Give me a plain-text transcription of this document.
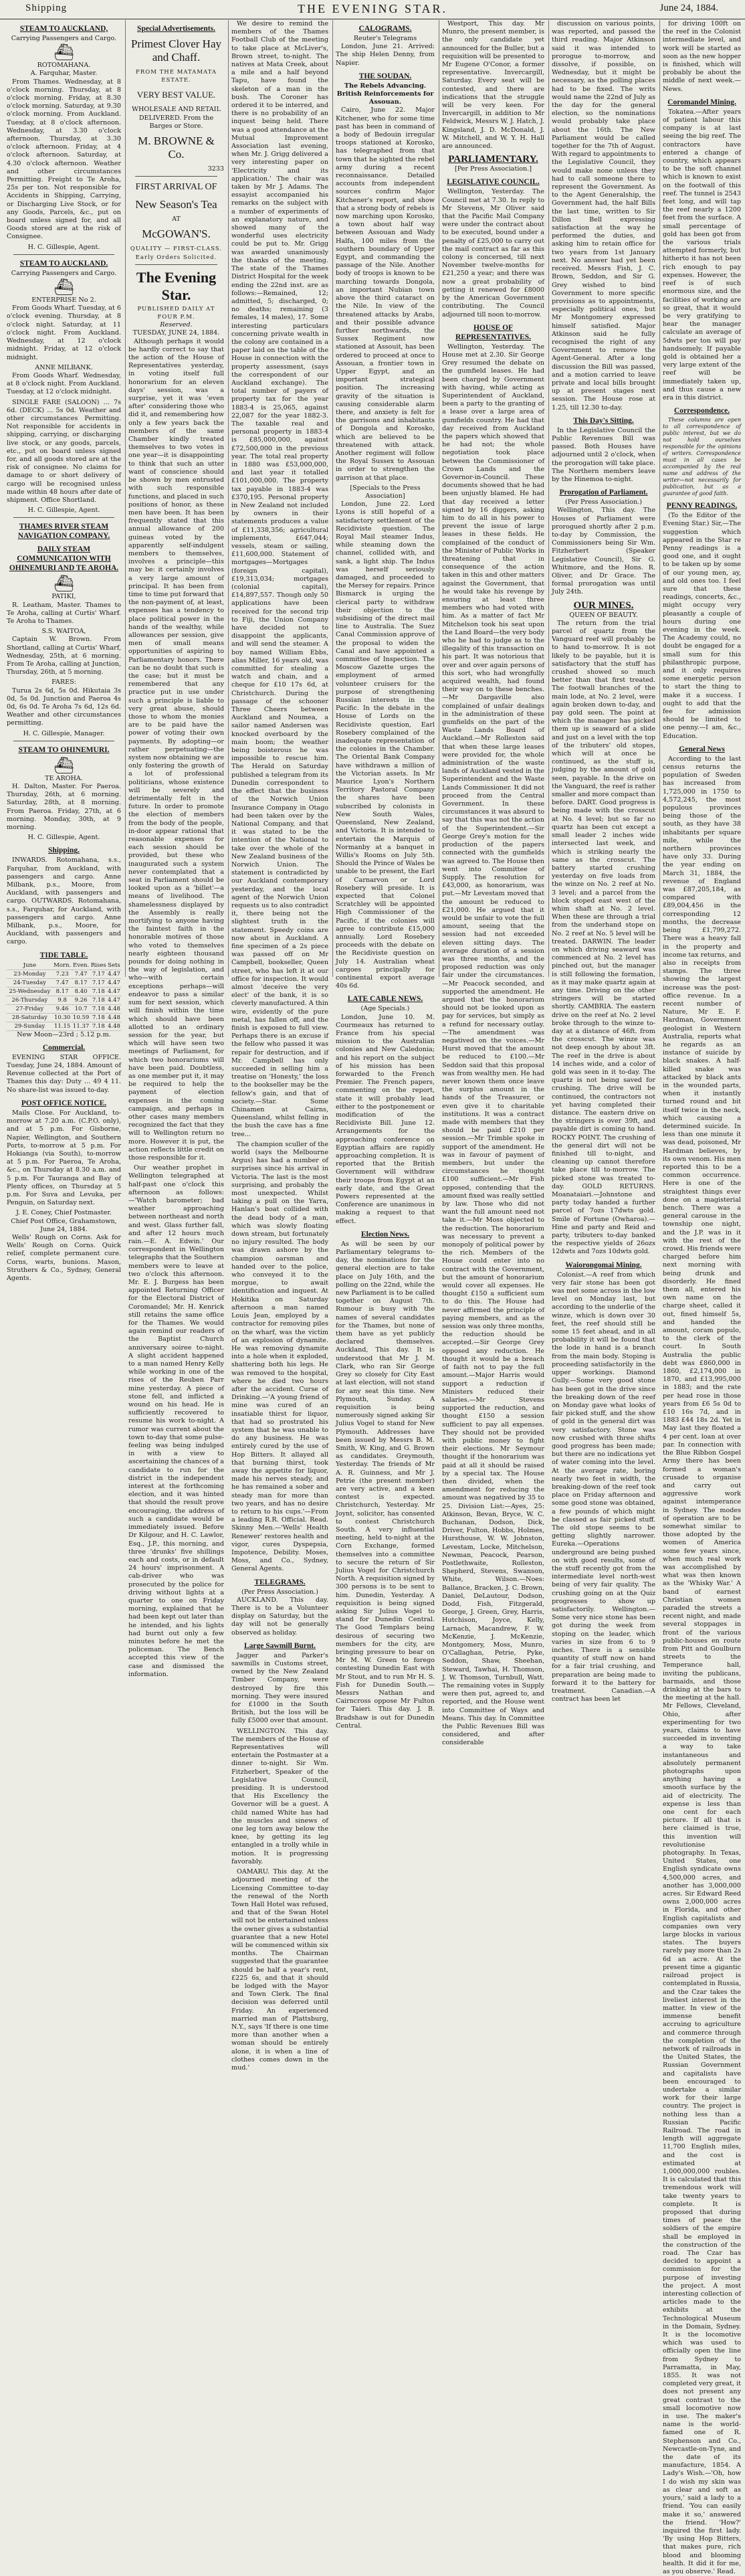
Shipping	THE EVENING STAR.	June 24, 1884.
STEAM TO AUCKLAND,
Carrying Passengers and Cargo.
⛴
ROTOMAHANA.
A. Farquhar, Master.

From Thames. Wednesday, at 8 o'clock morning. Thursday, at 8 o'clock morning. Friday, at 8.30 o'clock morning. Saturday, at 9.30 o'clock morning. From Auckland. Tuesday, at 8 o'clock afternoon. Wednesday, at 3.30 o'clock afternoon. Thursday, at 3.30 o'clock afternoon. Friday, at 4 o'clock afternoon. Saturday, at 4.30 o'clock afternoon. Weather and other circumstances Permitting. Freight to Te Aroha, 25s per ton. Not responsible for Accidents in Shipping, Carrying, or Discharging Live Stock, or for any Goods, Parcels, &c., put on board unless signed for, and all Goods stored are at the risk of Consignee.

H. C. Gillespie, Agent.
STEAM TO AUCKLAND.
Carrying Passengers and Cargo.
⛴
ENTERPRISE No 2.

From Goods Wharf. Tuesday, at 6 o'clock evening. Thursday, at 8 o'clock night. Saturday, at 11 o'clock night. From Auckland. Wednesday, at 12 o'clock midnight. Friday, at 12 o'clock midnight.

ANNE MILBANK.

From Goods Wharf. Wednesday, at 8 o'clock night. From Auckland. Tuesday, at 12 o'clock midnight.

SINGLE FARE (SALOON) ... 7s 6d. (DECK) ... 5s 0d. Weather and other circumstances Permitting. Not responsible for accidents in shipping, carrying, or discharging live stock, or any goods, parcels, etc., put on board unless signed for, and all goods stored are at the risk of consignee. No claims for damage to or short delivery of cargo will be recognised unless made within 48 hours after date of shipment. Office Shortland.

H. C. Gillespie, Agent.
THAMES RIVER STEAM NAVIGATION COMPANY.
DAILY STEAM COMMUNICATION WITH OHINEMURI AND TE AROHA.
⛴
PATIKI,

R. Leatham, Master. Thames to Te Aroha, calling at Curtis' Wharf. Te Aroha to Thames.

S.S. WAITOA,

Captain W. Brown. From Shortland, calling at Curtis' Wharf, Wednesday, 25th, at 6 morning. From Te Aroha, calling at Junction, Thursday, 26th, at 5 morning.

FARES:

Turua 2s 6d, 5s 0d. Hikutaia 3s 0d, 5s 0d. Junction and Paeroa 4s 0d, 6s 0d. Te Aroha 7s 6d, 12s 6d. Weather and other circumstances permitting.

H. C. Gillespie, Manager.
STEAM TO OHINEMURI.
⛴
TE AROHA.

H. Dalton, Master. For Paeroa. Thursday, 26th, at 6 morning. Saturday, 28th, at 8 morning. From Paeroa. Friday, 27th, at 6 morning. Monday, 30th, at 9 morning.

H. C. Gillespie, Agent.
Shipping.

INWARDS. Rotomahana, s.s., Farquhar, from Auckland, with passengers and cargo. Anne Milbank, p.s., Moore, from Auckland, with passengers and cargo. OUTWARDS. Rotomahana, s.s., Farquhar, for Auckland, with passengers and cargo. Anne Milbank, p.s., Moore, for Auckland, with passengers and cargo.

TIDE TABLE.
June	Morn.	Even.	Rises	Sets
23-Monday	7.23	7.47	7.17	4.47
24-Tuesday	7.47	8.17	7.17	4.47
25-Wednesday	8.17	8.40	7.18	4.47
26-Thursday	9.8	9.26	7.18	4.47
27-Friday	9.46	10.7	7.18	4.48
28-Saturday	10.30	10.59	7.18	4.48
29-Sunday	11.15	11.37	7.18	4.48
New Moon—23rd ; 5.12 p.m.
Commercial.

EVENING STAR OFFICE. Tuesday, June 24, 1884. Amount of Revenue collected at the Port of Thames this day: Duty ... 49 4 11. No share-list was issued to-day.

POST OFFICE NOTICE.

Mails Close. For Auckland, to-morrow at 7.20 a.m. (C.P.O. only), and at 5 p.m. For Gisborne, Napier, Wellington, and Southern Ports, to-morrow at 5 p.m. For Hokianga (via South), to-morrow at 5 p.m. For Paeroa, Te Aroha, &c., on Thursday at 8.30 a.m. and 5 p.m. For Tauranga and Bay of Plenty offices, on Thursday at 5 p.m. For Suva and Levuka, per Penguin, on Saturday next.

J. E. Coney, Chief Postmaster.
Chief Post Office, Grahamstown, June 24, 1884.

Wells' Rough on Corns. Ask for Wells' Rough on Corns. Quick relief, complete permanent cure. Corns, warts, bunions. Mason, Struthers & Co., Sydney, General Agents.

Special Advertisements.
Primest Clover Hay and Chaff.
FROM THE MATAMATA ESTATE.
VERY BEST VALUE.
WHOLESALE AND RETAIL DELIVERED. From the Barges or Store.
M. BROWNE & Co.
3233
FIRST ARRIVAL OF
New Season's Tea
AT
McGOWAN'S.
QUALITY — FIRST-CLASS. Early Orders Solicited.
The Evening Star.
PUBLISHED DAILY AT FOUR P.M.
Reserved.
TUESDAY, JUNE 24, 1884.

Although perhaps it would be hardly correct to say that the action of the House of Representatives yesterday, in voting itself full honorarium for an eleven days' session, was a surprise, yet it was 'even after' considering those who did it, and remembering how only a few years back the members of the same Chamber kindly treated themselves to two votes in one year—it is disappointing to think that such an utter want of conscience should be shown by men entrusted with such responsible functions, and placed in such positions of honor, as these men have been. It has been frequently stated that this annual allowance of 200 guineas voted by the apparently self-indulgent members to themselves, involves a principle—this may be: it certainly involves a very large amount of principal. It has been from time to time put forward that the non-payment of, at least, expenses has a tendency to place political power in the hands of the wealthy, while allowances per session, give men of small means opportunities of aspiring to Parliamentary honors. There can be no doubt that such is the case; but it must be remembered that any practice put in use under such a principle is liable to very great abuse, should those to whom the monies are to be paid have the power of voting their own payments. By adopting—or rather perpetuating—the system now obtaining we are only fostering the growth of a lot of professional politicians, whose existence will be severely and detrimentally felt in the future. In order to promote the election of members from the body of the people, in-door appear rational that reasonable expenses for each session should be provided, but these who inaugurated such a system never contemplated that a seat in Parliament should be looked upon as a 'billet'—a means of livelihood. The shamelessness displayed by the Assembly is really mortifying to anyone having the faintest faith in the honorable motives of those who voted to themselves nearly eighteen thousand pounds for doing nothing in the way of legislation, and who—with certain exceptions perhaps—will endeavor to pass a similar sum for next session, which will finish within the time which should have been allotted to an ordinary session for the year, but which will have seen two meetings of Parliament, for which two honorariums will have been paid. Doubtless, as one member put it, it may be required to help the payment of election expenses in the coming campaign, and perhaps in other cases many members recognized the fact that they will to Wellington return no more. However it is put, the action reflects little credit on those responsible for it.

Our weather prophet in Wellington telegraphed at half-past one o'clock this afternoon as follows:—'Watch barometer; bad weather approaching between northeast and north and west. Glass further fall, and after 12 hours much rain.—E. A. Edwin.' Our correspondent in Wellington telegraphs that the Southern members were to leave at two o'clock this afternoon. Mr. E. J. Burgess has been appointed Returning Officer for the Electoral District of Coromandel; Mr. H. Kenrick still retains the same office for the Thames. We would again remind our readers of the Baptist Church anniversary soiree to-night. A slight accident happened to a man named Henry Kelly while working in one of the rises of the Reuben Parr mine yesterday. A piece of stone fell, and inflicted a wound on his head. He is sufficiently recovered to resume his work to-night. A rumor was current about the town to-day that some pulse-feeling was being indulged in with a view to ascertaining the chances of a candidate to run for the district in the independent interest at the forthcoming election, and it was hinted that should the result prove encouraging, the address of such a candidate would be immediately issued. Before Dr Kilgour, and H. C. Lawlor, Esq., J.P., this morning, and three 'drunks' five shillings each and costs, or in default 24 hours' imprisonment. A cab-driver who was prosecuted by the police for driving without lights at a quarter to one on Friday morning, explained that he had been kept out later than he intended, and his lights had burnt out only a few minutes before he met the policeman. The Bench accepted this view of the case and dismissed the information.

We desire to remind the members of the Thames Football Club of the meeting to take place at McLiver's, Brown street, to-night. The natives at Mata Creek, about a mile and a half beyond Tapu, have found the skeleton of a man in the bush. The Coroner has ordered it to be interred, and there is no probability of an inquest being held. There was a good attendance at the Mutual Improvement Association last evening, when Mr. J. Grigg delivered a very interesting paper on 'Electricity and its application.' The chair was taken by Mr J. Adams. The essayist accompanied his remarks on the subject with a number of experiments of an explanatory nature, and showed many of the wonderful uses electricity could be put to. Mr. Grigg was awarded unanimously the thanks of the meeting. The state of the Thames District Hospital for the week ending the 22nd inst. are as follows:—Remained, 12; admitted, 5; discharged, 0; no deaths; remaining (3 females, 14 males), 17. Some interesting particulars concerning private wealth in the colony are contained in a paper laid on the table of the House in connection with the property assessment, (says the correspondent of our Auckland exchange). The total number of payers of property tax for the year 1883-4 is 25,065, against 22,087 for the year 1882-3. The taxable real and personal property in 1883-4 is £85,000,000, against £72,500,000 in the previous year. The total real property in 1880 was £53,000,000, and last year it totalled £101,000,000. The property tax payable in 1883-4 was £370,195. Personal property in New Zealand not included by owners in their statements produces a value of £11,338,356; agricultural implements, £647,044; vessels, steam or sailing, £11,600,000. Statement of mortgages—Mortgages (foreign capital), £19,313,034; mortgages (colonial capital), £14,897,557. Though only 50 applications have been received for the second trip to Fiji, the Union Company have decided not to disappoint the applicants, and will send the steamer. A boy named William Ebbs, alias Miller, 16 years old, was committed for stealing a watch and chain, and a cheque for £10 17s 6d, at Christchurch. During the passage of the schooner Three Cheers between Auckland and Noumea, a sailor named Andersen was knocked overboard by the main boom; the weather being boisterous he was impossible to rescue him. The Herald on Saturday published a telegram from its Dunedin correspondent to the effect that the business of the Norwich Union Insurance Company in Otago had been taken over by the National Company, and that it was stated to be the intention of the National to take over the whole of the New Zealand business of the Norwich Union. The statement is contradicted by our Auckland contemporary yesterday, and the local agent of the Norwich Union requests us to also contradict it, there being not the slightest truth in the statement. Speedy coins are now about in Auckland. A fine specimen of a 2s piece was passed off on Mr Campbell, bookseller, Queen street, who has left it at our office for inspection. It would almost 'deceive the very elect' of the bank, it is so cleverly manufactured. A thin wire, evidently of the pure metal, has fallen off, and the finish is exposed to full view. Perhaps there is an excuse if the fellow who passed it was repair for destruction, and if Mr. Campbell has only succeeded in selling him a treatise on 'Honesty,' the loss to the bookseller may be the fellow's gain, and that of society.—Star. Some Chinamen at Cairns, Queensland, whilst felling in the bush the cave has a fine tree...

The champion sculler of the world (says the Melbourne Argus) has had a number of surprises since his arrival in Victoria. The last is the most surprising, and probably the most unexpected. Whilst taking a pull on the Yarra, Hanlan's boat collided with the dead body of a man, which was slowly floating down stream, but fortunately no injury resulted. The body was drawn ashore by the champion oarsman and handed over to the police, who conveyed it to the morgue, to await identification and inquest. At Hokitika on Saturday afternoon a man named Louis Jean, employed by a contractor for removing piles on the wharf, was the victim of an explosion of dynamite. He was removing dynamite into a hole when it exploded, shattering both his legs. He was removed to the hospital, where he died two hours after the accident. Curse of Drinking.—'A young friend of mine was cured of an insatiable thirst for liquor, that had so prostrated his system that he was unable to do any business. He was entirely cured by the use of Hop Bitters. It allayed all that burning thirst, took away the appetite for liquor, made his nerves steady, and he has remained a sober and steady man for more than two years, and has no desire to return to his cups.'—From a leading R.R. Official. Read. Skinny Men.—'Wells' Health Renewer' restores health and vigor, cures Dyspepsia, Impotence, Debility. Moses, Moss, and Co., Sydney, General Agents.

TELEGRAMS.
(Per Press Association.)

AUCKLAND. This day. There is to be a Volunteer display on Saturday, but the day will not be generally observed as holiday.

Large Sawmill Burnt.

Jagger and Parker's sawmills in Customs street, owned by the New Zealand Timber Company, were destroyed by fire this morning. They were insured for £1000 in the South British, but the loss will be fully £5000 over that amount.

WELLINGTON. This day. The members of the House of Representatives will entertain the Postmaster at a dinner to-night. Sir Wm. Fitzherbert, Speaker of the Legislative Council, presiding. It is understood that His Excellency the Governor will be a guest. A child named White has had the muscles and sinews of one leg torn away below the knee, by getting its leg entangled in a trolly while in motion. It is progressing favorably.

OAMARU. This day. At the adjourned meeting of the Licensing Committee to-day the renewal of the North Town Hall Hotel was refused, and that of the Swan Hotel will not be entertained unless the owner gives a substantial guarantee that a new Hotel will be commenced within six months. The Chairman suggested that the guarantee should be half a year's rent, £225 6s, and that it should be lodged with the Mayor and Town Clerk. The final decision was deferred until Friday. An experienced married man of Plattsburg, N.Y., says 'If there is one time more than another when a woman should be entirely alone, it is when a line of clothes comes down in the mud.'

CALOGRAMS.
Reuter's Telegrams

London, June 21. Arrived: The ship Helen Denny, from Napier.

THE SOUDAN.
The Rebels Advancing. British Reinforcements for Assouan.

Cairo, June 22. Major Kitchener, who for some time past has been in command of a body of Bedouin irregular troops stationed at Korosko, has telegraphed from that town that he sighted the rebel army during a recent reconnaissance. Detailed accounts from independent sources confirm Major Kitchener's report, and show that a strong body of rebels is now marching upon Korosko, a town about half way between Assouan and Wady Halfa, 100 miles from the southern boundary of Upper Egypt, and commanding the passage of the Nile. Another body of troops is known to be marching towards Dongola, an important Nubian town above the third cataract on the Nile. In view of the threatened attacks by Arabs, and their possible advance further northwards, the Sussex Regiment now stationed at Assouit, has been ordered to proceed at once to Assouan, a frontier town in Upper Egypt, and an important strategical position. The increasing gravity of the situation is causing considerable alarm there, and anxiety is felt for the garrisons and inhabitants of Dongola and Korosko, which are believed to be threatened with attack. Another regiment will follow the Royal Sussex to Assouan in order to strengthen the garrison at that place.

[Specials to the Press Association]

London, June 22. Lord Lyons is still hopeful of a satisfactory settlement of the Recidiviste question. The Royal Mail steamer Indus, while steaming down the channel, collided with, and sank, a light ship. The Indus was herself seriously damaged, and proceeded to the Mersey for repairs. Prince Bismarck is urging the clerical party to withdraw their objection to the subsidising of the direct mail line to Australia. The Suez Canal Commission approve of the proposal to widen the Canal and have appointed a committee of Inspection. The Moscow Gazette urges the employment of armed volunteer cruisers for the purpose of strengthening Russian interests in the Pacific. In the debate in the House of Lords on the Recidiviste question, Earl Rosebery complained of the inadequate representation of the colonies in the Chamber. The Oriental Bank Company have withdrawn a million of the Victorian assets. In Mr Maurice Lyon's Northern Territory Pastoral Company the shares have been subscribed by colonists in New South Wales, Queensland, New Zealand, and Victoria. It is intended to entertain the Marquis of Normanby at a banquet in Willis's Rooms on July 5th. Should the Prince of Wales be unable to be present, the Earl of Carnarvon or Lord Rosebery will preside. It is expected that Colonel Scratchley will be appointed High Commissioner of the Pacific, if the colonies will agree to contribute £15,000 annually. Lord Rosebery proceeds with the debate on the Recidiviste question on July 14. Australian wheat cargoes principally for continental export average 40s 6d.

LATE CABLE NEWS.
(Age Specials.)

London, June 10. M. Courmeaux has returned to France from his special mission to the Australian colonies and New Caledonia; and his report on the subject of his mission has been forwarded to the French Premier. The French papers, commenting on the report, state it will probably lead either to the postponement or modification of the Recidiviste Bill. June 12. Arrangements for the approaching conference on Egyptian affairs are rapidly approaching completion. It is reported that the British Government will withdraw their troops from Egypt at an early date, and the Great Powers represented at the Conference are unanimous in making a request to that effect.

Election News.

As will be seen by our Parliamentary telegrams to-day, the nominations for the general election are to take place on July 16th, and the polling on the 22nd, while the new Parliament is to be called together on August 7th. Rumour is busy with the names of several candidates for the Thames, but none of them have as yet publicly declared themselves. Auckland, This day. It is understood that Mr J. M. Clark, who ran Sir George Grey so closely for City East at last election, will not stand for any seat this time. New Plymouth, Sunday. A requisition is being numerously signed asking Sir Julius Vogel to stand for New Plymouth. Addresses have been issued by Messrs B. M. Smith, W. King, and G. Brown as candidates. Greymouth, Yesterday. The friends of Mr A. R. Guinness, and Mr J. Petrie (the present member) are very active, and a keen contest is expected. Christchurch, Yesterday. Mr Joynt, solicitor, has consented to contest Christchurch South. A very influential meeting, held to-night at the Corn Exchange, formed themselves into a committee to secure the return of Sir Julius Vogel for Christchurch North. A requisition signed by 300 persons is to be sent to him. Dunedin, Yesterday. A requisition is being signed asking Sir Julius Vogel to stand for Dunedin Central. The Good Templars being desirous of securing two members for the city, are bringing pressure to bear on Mr M. W. Green to forego contesting Dunedin East with Mr Stout, and to run Mr H. S. Fish for Dunedin South.—Messrs Nathan and Cairncross oppose Mr Fulton for Taieri. This day. J. B. Bradshaw is out for Dunedin Central.

Westport, This day. Mr Munro, the present member, is the only candidate yet announced for the Buller, but a requisition will be presented to Mr Eugene O'Conor, a former representative. Invercargill, Saturday. Every seat will be contested, and there are indications that the struggle will be very keen. For Invercargill, in addition to Mr Feldwick, Messrs W. J. Hatch, J. Kingsland, J. D. McDonald, J. W. Mitchell, and W. Y. H. Hall are announced.

PARLIAMENTARY.
[Per Press Association.]
LEGISLATIVE COUNCIL.

Wellington, Yesterday. The Council met at 7.30. In reply to Mr Stevens, Mr Oliver said that the Pacific Mail Company were under the contract about to be executed, bound under a penalty of £25,000 to carry out the mail contract as far as this colony is concerned, till next November twelve-months for £21,250 a year; and there was now a great probability of getting it renewed for £8000 by the American Government contributing. The Council adjourned till noon to-morrow.

HOUSE OF REPRESENTATIVES.

Wellington, Yesterday. The House met at 2.30. Sir George Grey resumed the debate on the gumfield leases. He had been charged by Government with having, while acting as Superintendent of Auckland, been a party to the granting of a lease over a large area of gumfields country. He had that day received from Auckland the papers which showed that he had not; the whole negotiation took place between the Commissioner of Crown Lands and the Governor-in-Council. These documents showed that he had been unjustly blamed. He had that day received a letter signed by 16 diggers, asking him to do all in his power to prevent the issue of large leases in these fields. He complained of the conduct of the Minister of Public Works in threatening that in consequence of the action taken in this and other matters against the Government, that he would take his revenge by ensuring at least three members who had voted with him. As a matter of fact Mr Mitchelson took his seat upon the Land Board—the very body who he had to judge as to the illegality of this transaction on his part. It was notorious that over and over again persons of this sort, who had wrongfully acquired wealth, had found their way on to these benches.—Mr Dargaville also complained of unfair dealings in the administration of these gumfields on the part of the Waste Lands Board of Auckland.—Mr Rolleston said that when these large leases were provided for, the whole administration of the waste lands of Auckland vested in the Superintendent and the Waste Lands Commissioner. It did not proceed from the Central Government. In these circumstances it was absurd to say that this was not the action of the Superintendent.—Sir George Grey's motion for the production of the papers connected with the gumfields was agreed to. The House then went into Committee of Supply. The resolution for £43,000, as honorarium, was put.—Mr Levestam moved that the amount be reduced to £21,000. He argued that it would be unfair to vote the full amount, seeing that the session had not exceeded eleven sitting days. The average duration of a session was three months, and the proposed reduction was only fair under the circumstances.—Mr Peacock seconded, and supported the amendment. He argued that the honorarium should not be looked upon as pay for services, but simply as a refund for necessary outlay.—The amendment was negatived on the voices.—Mr Hurst moved that the amount be reduced to £100.—Mr Seddon said that this proposal was from wealthy men. He had never known them once leave the surplus amount in the hands of the Treasurer, or even give it to charitable institutions. It was a contract made with members that they should be paid £210 per session.—Mr Trimble spoke in support of the amendment. He was in favour of payment of members, but under the circumstances he thought £100 sufficient.—Mr Fish opposed, contending that the amount fixed was really settled by law. Those who did not want the full amount need not take it.—Mr Moss objected to the reduction. The honorarium was necessary to prevent a monopoly of political power by the rich. Members of the House could enter into no contract with the Government, but the amount of honorarium would cover all expenses. He thought £150 a sufficient sum to do this. The House had never affirmed the principle of paying members, and as the session was only three months, the reduction should be accepted.—Sir George Grey opposed any reduction. He thought it would be a breach of faith not to pay the full amount.—Major Harris would support a reduction if Ministers reduced their salaries.—Mr Stevens supported the reduction, and thought £150 a session sufficient to pay all expenses. They should not be provided with public money to fight their elections. Mr Seymour thought if the honorarium was paid at all it should be raised by a special tax. The House then divided, when the amendment for reducing the amount was negatived by 35 to 25. Division List:—Ayes, 25: Atkinson, Bevan, Bryce, W. C. Buchanan, Dodson, Dick, Driver, Fulton, Hobbs, Holmes, Hursthouse, W. W. Johnston, Levestam, Locke, Mitchelson, Newman, Peacock, Pearson, Postlethwaite, Rolleston, Shepherd, Stevens, Swanson, White, Wilson.—Noes: Ballance, Bracken, J. C. Brown, Daniel, DeLautour, Dodson, Dodd, Fish, Fitzgerald, George, J. Green, Grey, Harris, Hutchison, Joyce, Kelly, Larnach, Macandrew, F. W. McKenzie, J. McKenzie, Montgomery, Moss, Munro, O'Callaghan, Petrie, Pyke, Seddon, Shaw, Sheehan, Steward, Tawhai, H. Thomson, J. W. Thomson, Turnbull, Watt. The remaining votes in Supply were then put, agreed to, and reported, and the House went into Committee of Ways and Means. This day. In Committee the Public Revenues Bill was considered, and after considerable

discussion on various points, was reported, and passed the third reading. Major Atkinson said it was intended to prorogue to-morrow, and dissolve, if possible, on Wednesday, but it might be necessary, as the polling places had to be fixed. The writs would name the 22nd of July as the day for the general election, so the nominations would probably take place about the 16th. The New Parliament would be called together for the 7th of August. With regard to appointments to the Legislative Council, they would make none unless they had to call someone there to represent the Government. As to the Agent Generalship, the Government had, the half Bills the last time, written to Sir Dillon Bell expressing satisfaction at the way he performed the duties, and asking him to retain office for two years from 1st January next. No answer had yet been received. Messrs Fish, J. C. Brown, Seddon, and Sir G. Grey wished to bind Government to more specific provisions as to appointments, especially political ones, but Mr Montgomery expressed himself satisfied. Major Atkinson said he fully recognised the right of any Government to remove the Agent-General. After a long discussion the Bill was passed, and a motion carried to leave private and local bills brought up at present stages next session. The House rose at 1.25, till 12.30 to-day.

This Day's Sitting.

In the Legislative Council the Public Revenues Bill was passed. Both Houses have adjourned until 2 o'clock, when the prorogation will take place. The Northern members leave by the Hinemoa to-night.

Prorogation of Parliament.
(Per Press Association.)

Wellington, This day. The Houses of Parliament were prorogued shortly after 2 p.m. to-day by Commission, the Commissioners being Sir Wm. Fitzherbert (Speaker Legislative Council), Sir G. Whitmore, and the Hons. R. Oliver, and Dr Grace. The formal prorogation was until July 24th.

OUR MINES.
QUEEN OF BEAUTY.

The return from the trial parcel of quartz from the Vanguard reef will probably be to hand to-morrow. It is not likely to be payable, but it is satisfactory that the stuff has crushed showed so much better than that first treated. The footwall branches of the main lode, at No. 2 level, were again broken down to-day, and pay gold seen. The point at which the manager has picked them up is seaward of a slide and just on a level with the top of the tributers' old stopes, which will at once be continued, as the stuff is, judging by the amount of gold seen, payable. In the drive on the Vanguard, the reef is rather smaller and more compact than before. DART. Good progress is being made with the crosscut at No. 4 level; but so far no quartz has been cut except a small leader 2 inches wide intersected last week, and which is striking nearly the same as the crosscut. The battery started crushing yesterday on five loads from the winze on No. 2 reef at No. 3 level; and a parcel from the block stoped east west of the whim shaft at No. 2 level. When these are through a trial from the underhand stope on No. 2 reef at No. 5 level will be treated. DARWIN. The leader on which driving seaward was commenced at No. 2 level has pinched out, but the manager is still following the formation, as it may make quartz again at any time. Driving on the other stringers will be started shortly. CAMBRIA. The eastern drive on the reef at No. 2 level broke through to the winze to-day at a distance of 46ft. from the crosscut. The winze was not deep enough by about 3ft. The reef in the drive is about 14 inches wide, and a color of gold was seen in it to-day. The quartz is not being saved for crushing. The drive will be continued, the contractors not yet having completed their distance. The eastern drive on the stringers is over 39ft, and payable dirt is coming to hand. ROCKY POINT. The crushing of the general dirt will not be finished till to-night, and cleaning up cannot therefore take place till to-morrow. The picked stone was treated to-day. GOLD RETURNS. Moanataiari.—Johnstone and party today handed a further parcel of 7ozs 17dwts gold. Smile of Fortune (Owharoa).—Hine and party and Reid and party, tributers to-day banked the respective yields of 26ozs 12dwts and 7ozs 10dwts gold.

Waiorongomai Mining.

Colonist.—A reef from which very fair stone has been got was met some across in the low level on Monday last, but according to the underlie of the winze, which is down over 30 feet, the reef should still be some 15 feet ahead, and in all probability it will be found that the lode in hand is a branch from the main body. Stoping is proceeding satisfactorily in the upper workings. Diamond Gully.—Some very good stone has been got in the drive since the breaking down of the reef on Monday gave what looks of fair picked stuff, and the show of gold in the general dirt was very satisfactory. Stone was now crushed with three shifts good progress has been made; but there are no indications yet of water coming into the level. At the average rate, boring nearly two feet in width, the breaking-down of the reef took place on Friday afternoon and some good stone was obtained, a few pounds of which might be classed as fair picked stuff. The old stope seems to be getting slightly narrower. Eureka.—Operations underground are being pushed on with good results, some of the stuff recently got from the intermediate level north-west being of very fair quality. The crushing going on at the Quiz progresses to show up satisfactorily. Wellington.—Some very nice stone has been got during the week from stoping on the leader, which varies in size from 6 to 9 inches. There is a sensible quantity of stuff now on hand for a fair trial crushing, and preparation are being made to forward it to the battery for treatment. Canadian.—A contract has been let

for driving 100ft on the reef in the Colonist intermediate level, and work will be started as soon as the new hopper is finished, which will probably be about the middle of next week.—News.

Coromandel Mining.

Tokatea.—After years of patient labour this company is at last seeing the big reef. The contractors have entered a change of country, which appears to be the soft channel which is known to exist on the footwall of this reef. The tunnel is 2543 feet long, and will tap the reef nearly a 1200 feet from the surface. A small percentage of gold has been got from the various trials attempted formerly, but hitherto it has not been rich enough to pay expenses. However, the reef is of such enormous size, and the facilities of working are so great, that it would be very gratifying to hear the manager calculate an average of 5dwts per ton will pay handsomely. If payable gold is obtained her a very large extent of the reef will be immediately taken up, and thus cause a new era in this district.

Correspondence.

These columns are open to all correspondence of public interest, but we do not hold ourselves responsible for the opinions of writers. Correspondence must in all cases be accompanied by the real name and address of the writer—not necessarily for publication, but as a guarantee of good faith.

PENNY READINGS.

(To the Editor of the Evening Star.) Sir,—The suggestion which appeared in the Star re Penny readings is a good one, and it ought to be taken up by some of our young men, ay, and old ones too. I feel sure that these readings, concerts, &c., might occupy very pleasantly a couple of hours during one evening in the week. The Academy could, no doubt be engaged for a small sum for this philanthropic purpose, and it only requires some energetic person to start the thing to make it a success. I ought to add that the fee for admission should be limited to one penny.—I am, &c., Education.

General News

According to the last census returns the population of Sweden has increased from 1,725,000 in 1750 to 4,572,245, the most populous provinces being those of the south, as they have 38 inhabitants per square mile, while the northern provinces have only 33. During the year ending on March 31, 1884, the revenue of England was £87,205,184, as compared with £89,004,456 in the corresponding 12 months, the decrease being £1,799,272. There was a heavy fall in the property and income tax returns, and also in receipts from stamps. The three showing the largest increase was the post-office revenue. In a recent number of Nature, Mr E. F. Hardman, Government geologist in Western Australia, reports what he regards as an instance of suicide by black snakes. A half-killed snake was attacked by black ants in the wounded parts, when it instantly turned round and bit itself twice in the neck, which causing a determined suicide. In less than one minute it was dead, poisoned, Mr Hardman believes, by its own venom. His men reported this to be a common occurrence. Here is one of the straightest things ever done on a magisterial bench. There was a general carouse in the township one night, and the J.P. was in it with the rest of the crowd. His friends were charged before him next morning with being drunk and disorderly. He fined them all, entered his own name on the charge sheet, called it out, fined himself 5s, and handed the amount, coram populo, to the clerk of the court. In South Australia the public debt was £860,000 in 1860, £2,174,000 in 1870, and £13,995,000 in 1883; and the rate per head rose in those years from £6 5s 0d to £10 16s 7d, and in 1883 £44 18s 2d. Yet in May last they floated a 4 per cent. loan at over par. In connection with the Blue Ribbon Gospel Army there has been formed a woman's crusade to organise and carry out aggressive work against intemperance in Sydney. The modes of operation are to be somewhat similar to those adopted by the women of America some few years since, when much real work was accomplished by what was then known as the 'Whisky War.' A band of earnest Christian women paraded the streets a recent night, and made several stoppages in front of the various public-houses en route from Pitt and Goulburn streets to the Temperance hall, inviting the publicans, barmaids, and those drinking at the bars to the meeting at the hall. Mr Fellows, Cleveland, Ohio, after experimenting for two years, claims to have succeeded in inventing a way to take instantaneous and absolutely permanent photographs upon anything having a smooth surface by the aid of electricity. The expense is less than one cent for each picture. If all that is here claimed is true, this invention will revolutionise photography. In Texas, United States, one English syndicate owns 4,500,000 acres, and another has 3,000,000 acres. Sir Edward Reed owns 2,000,000 acres in Florida, and other English capitalists and companies own very large blocks in various states. The buyers rarely pay more than 2s 6d an acre. At the present time a gigantic railroad project is contemplated in Russia, and the Czar takes the liveliest interest in the matter. In view of the immense benefit accruing to agriculture and commerce through the completion of the network of railroads in the United States, the Russian Government and capitalists have been encouraged to undertake a similar work for their large country. The project is nothing less than a Russian Pacific Railroad. The road in length will aggregate 11,700 English miles, and the cost is estimated at 1,000,000,000 roubles. It is calculated that this tremendous work will take twenty years to complete. It is proposed that during times of peace the soldiers of the empire shall be employed in the construction of the road. The Czar has decided to appoint a commission for the purpose of investing the project. A most interesting collection of articles made to the exhibits at the Technological Museum in the Domain, Sydney. It is the locomotive which was used to officially open the line from Sydney to Parramatta, in May, 1855. It was not completed very great, it does not present any great contrast to the small locomotive now in use. The maker's name is the world-famed one of R. Stephenson and Co., Newcastle-on-Tyne, and the date of its manufacture, 1854. A Lady's Wish.—'Oh, how I do wish my skin was as clear and soft as yours,' said a lady to a friend. 'You can easily make it so,' answered the friend. 'How?' inquired the first lady. 'By using Hop Bitters, that makes pure, rich blood and blooming health. It did it for me, as you observe.' Read.
